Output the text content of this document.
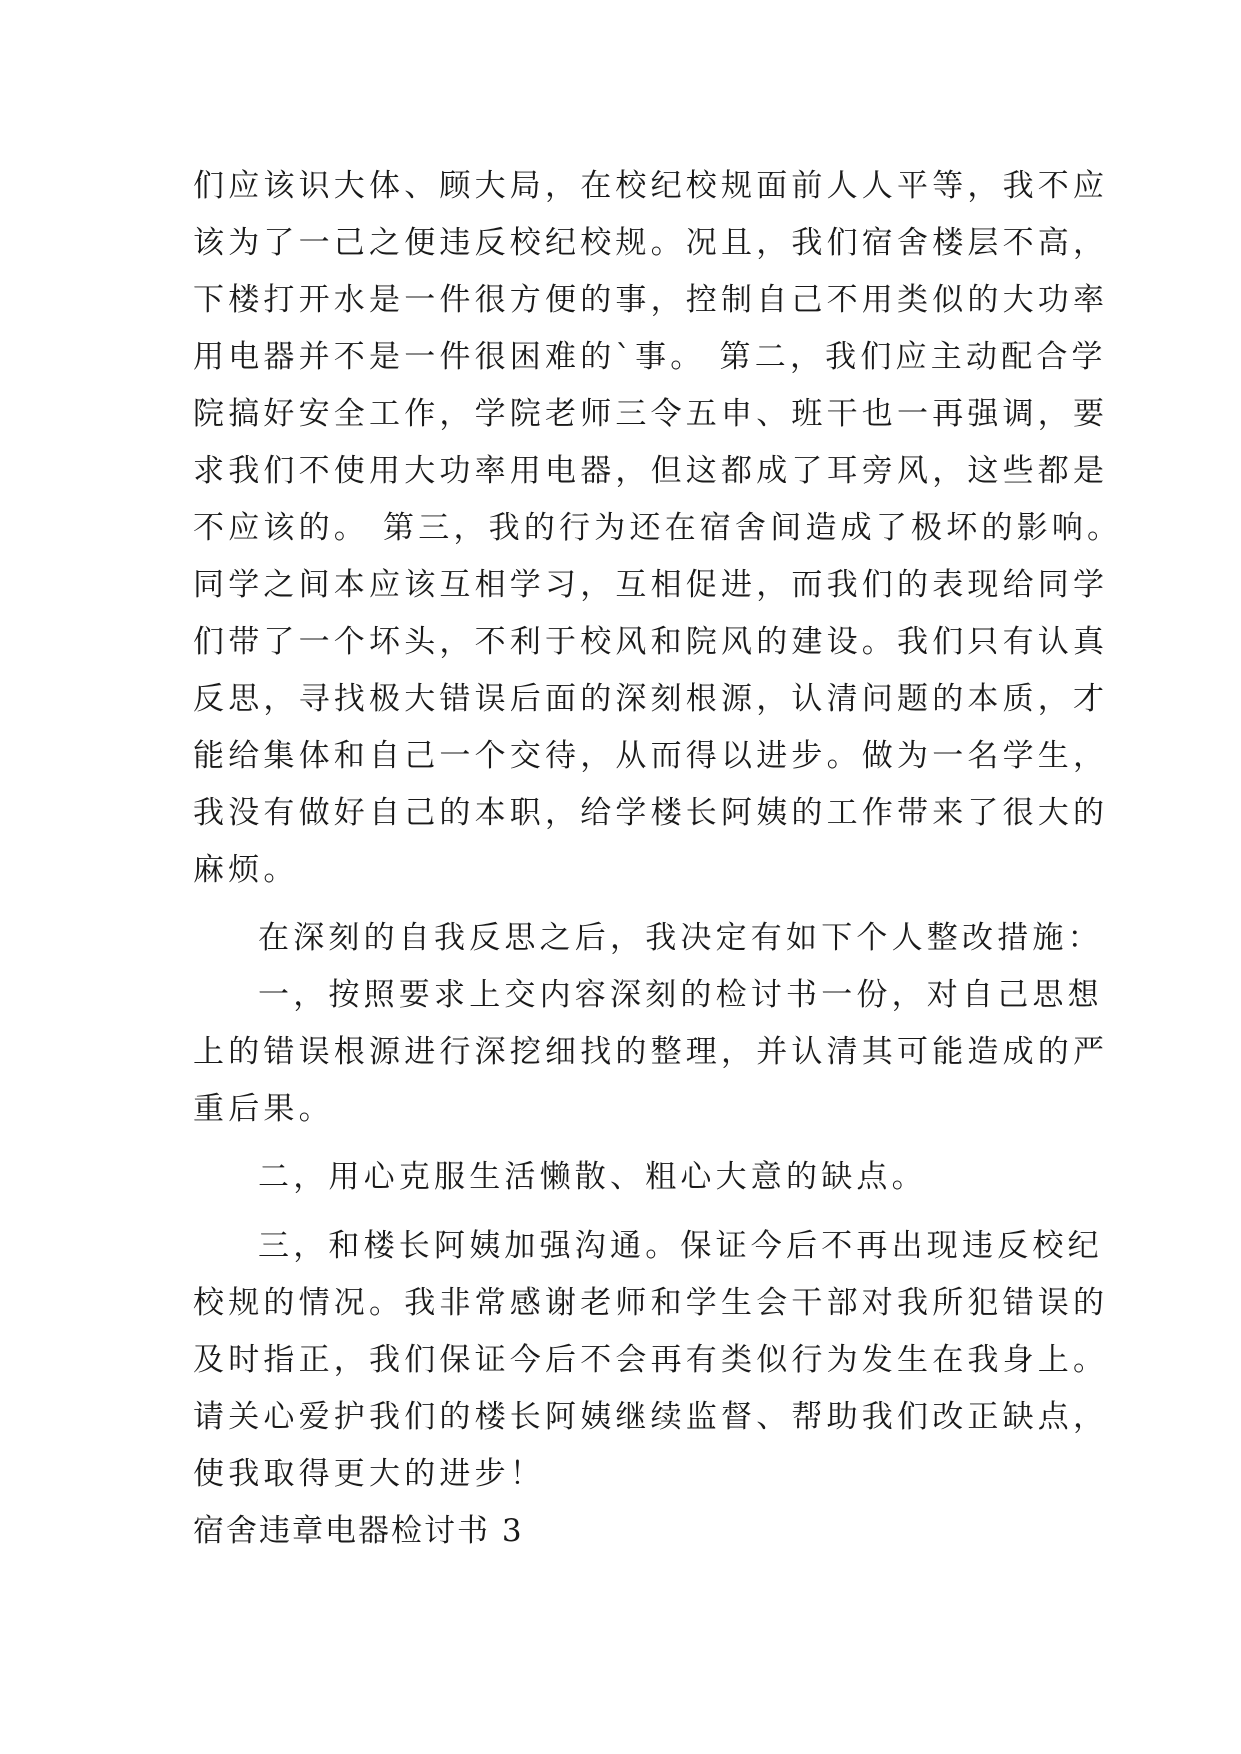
们应该识大体、顾大局，在校纪校规面前人人平等，我不应
该为了一己之便违反校纪校规。况且，我们宿舍楼层不高，
下楼打开水是一件很方便的事，控制自己不用类似的大功率
用电器并不是一件很困难的`事。 第二，我们应主动配合学
院搞好安全工作，学院老师三令五申、班干也一再强调，要
求我们不使用大功率用电器，但这都成了耳旁风，这些都是
不应该的。 第三，我的行为还在宿舍间造成了极坏的影响。
同学之间本应该互相学习，互相促进，而我们的表现给同学
们带了一个坏头，不利于校风和院风的建设。我们只有认真
反思，寻找极大错误后面的深刻根源，认清问题的本质，才
能给集体和自己一个交待，从而得以进步。做为一名学生，
我没有做好自己的本职，给学楼长阿姨的工作带来了很大的
麻烦。
在深刻的自我反思之后，我决定有如下个人整改措施：
一，按照要求上交内容深刻的检讨书一份，对自己思想
上的错误根源进行深挖细找的整理，并认清其可能造成的严
重后果。
二，用心克服生活懒散、粗心大意的缺点。
三，和楼长阿姨加强沟通。保证今后不再出现违反校纪
校规的情况。我非常感谢老师和学生会干部对我所犯错误的
及时指正，我们保证今后不会再有类似行为发生在我身上。
请关心爱护我们的楼长阿姨继续监督、帮助我们改正缺点，
使我取得更大的进步！
宿舍违章电器检讨书 3
